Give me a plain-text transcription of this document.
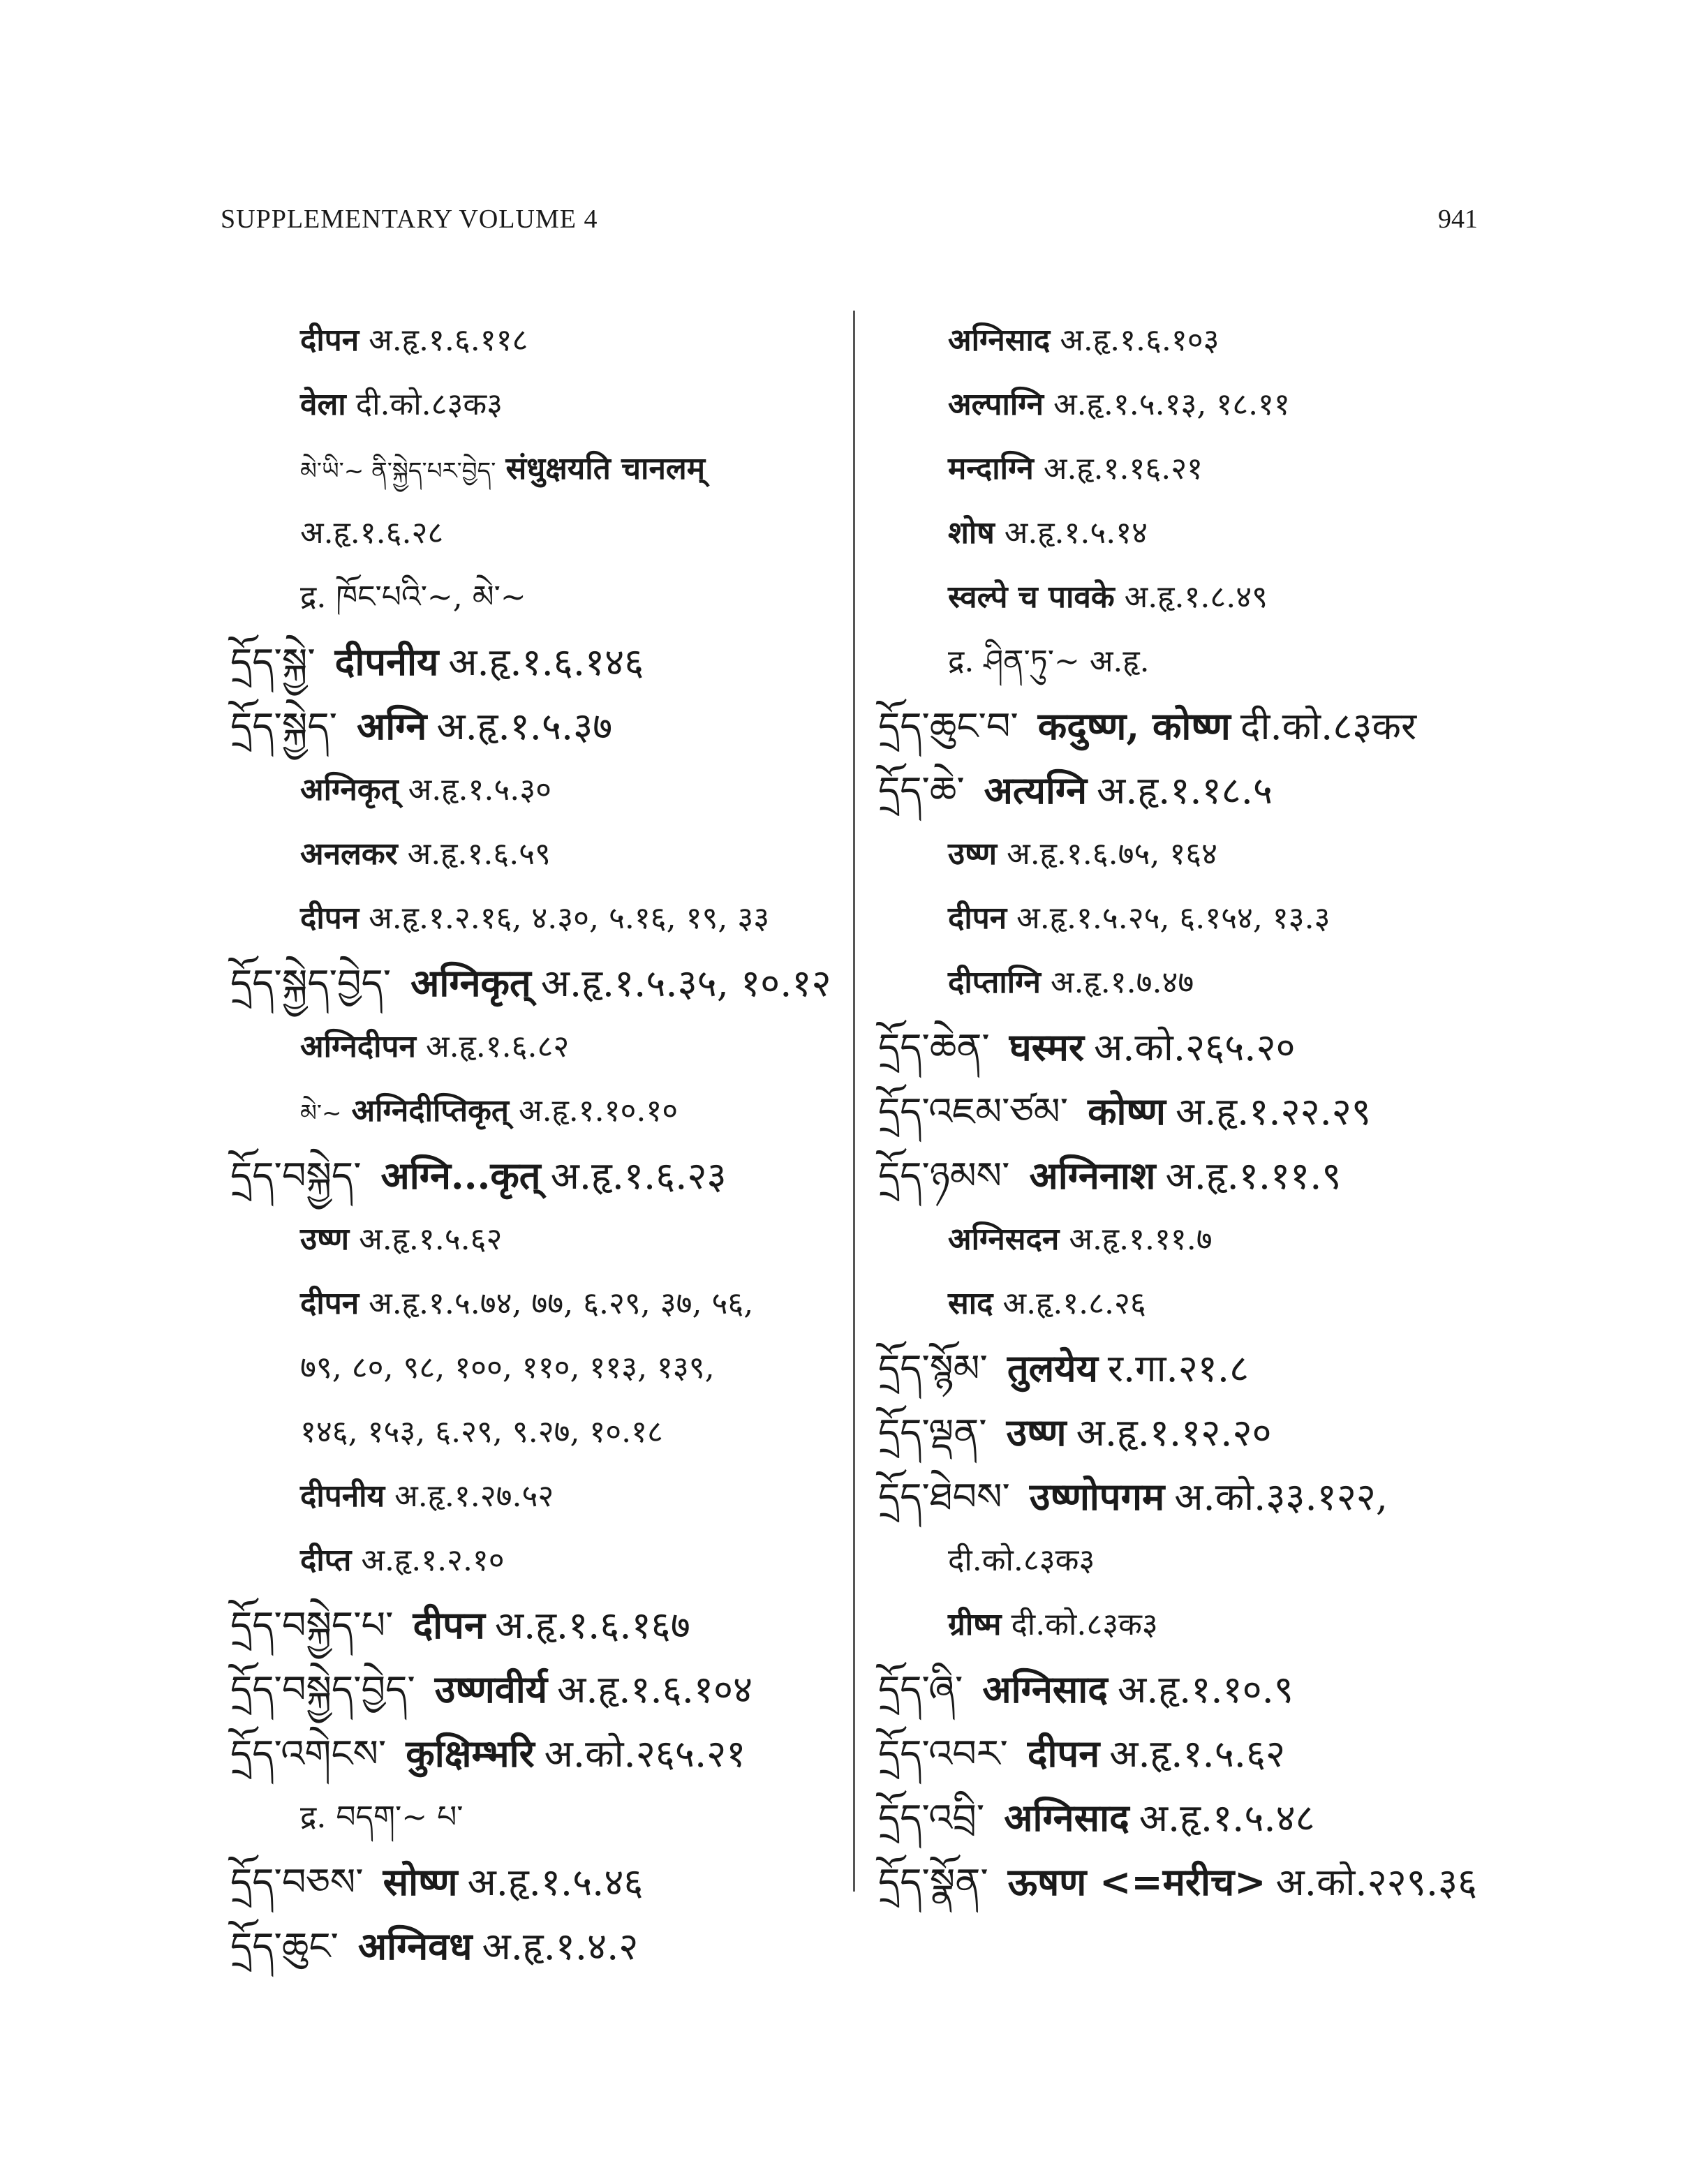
SUPPLEMENTARY VOLUME 4	941
दीपन अ.हृ.१.६.११८
वेला दी.को.८३क३
མེ་ཡི་~ ནི་སྐྱེད་པར་བྱེད་ संधुक्षयति चानलम्
अ.हृ.१.६.२८
द्र. ཁོང་པའི་~, མེ་~
དྲོད་སྐྱེ་ दीपनीय अ.हृ.१.६.१४६
དྲོད་སྐྱེད་ अग्नि अ.हृ.१.५.३७
अग्निकृत् अ.हृ.१.५.३०
अनलकर अ.हृ.१.६.५९
दीपन अ.हृ.१.२.१६, ४.३०, ५.१६, १९, ३३
དྲོད་སྐྱེད་བྱེད་ अग्निकृत् अ.हृ.१.५.३५, १०.१२
अग्निदीपन अ.हृ.१.६.८२
མེ་~ अग्निदीप्तिकृत् अ.हृ.१.१०.१०
དྲོད་བསྐྱེད་ अग्नि...कृत् अ.हृ.१.६.२३
उष्ण अ.हृ.१.५.६२
दीपन अ.हृ.१.५.७४, ७७, ६.२९, ३७, ५६,
७९, ८०, ९८, १००, ११०, ११३, १३९,
१४६, १५३, ६.२९, ९.२७, १०.१८
दीपनीय अ.हृ.१.२७.५२
दीप्त अ.हृ.१.२.१०
དྲོད་བསྐྱེད་པ་ दीपन अ.हृ.१.६.१६७
དྲོད་བསྐྱེད་བྱེད་ उष्णवीर्य अ.हृ.१.६.१०४
དྲོད་འགེངས་ कुक्षिम्भरि अ.को.२६५.२१
द्र. བདག་~ པ་
དྲོད་བཅས་ सोष्ण अ.हृ.१.५.४६
དྲོད་ཆུང་ अग्निवध अ.हृ.१.४.२
अग्निसाद अ.हृ.१.६.१०३
अल्पाग्नि अ.हृ.१.५.१३, १८.११
मन्दाग्नि अ.हृ.१.१६.२१
शोष अ.हृ.१.५.१४
स्वल्पे च पावके अ.हृ.१.८.४९
द्र. ཤིན་ཏུ་~ अ.हृ.
དྲོད་ཆུང་བ་ कदुष्ण, कोष्ण दी.को.८३कर
དྲོད་ཆེ་ अत्यग्नि अ.हृ.१.१८.५
उष्ण अ.हृ.१.६.७५, १६४
दीपन अ.हृ.१.५.२५, ६.१५४, १३.३
दीप्ताग्नि अ.हृ.१.७.४७
དྲོད་ཆེན་ घस्मर अ.को.२६५.२०
དྲོད་འཇམ་ཙམ་ कोष्ण अ.हृ.१.२२.२९
དྲོད་ཉམས་ अग्निनाश अ.हृ.१.११.९
अग्निसदन अ.हृ.१.११.७
साद अ.हृ.१.८.२६
དྲོད་སྙོམ་ तुलयेय र.गा.२१.८
དྲོད་ལྡན་ उष्ण अ.हृ.१.१२.२०
དྲོད་ཐེབས་ उष्णोपगम अ.को.३३.१२२,
दी.को.८३क३
ग्रीष्म दी.को.८३क३
དྲོད་ཞི་ अग्निसाद अ.हृ.१.१०.९
དྲོད་འབར་ दीपन अ.हृ.१.५.६२
དྲོད་འབྲི་ अग्निसाद अ.हृ.१.५.४८
དྲོད་སྣོན་ ऊषण <=मरीच> अ.को.२२९.३६
